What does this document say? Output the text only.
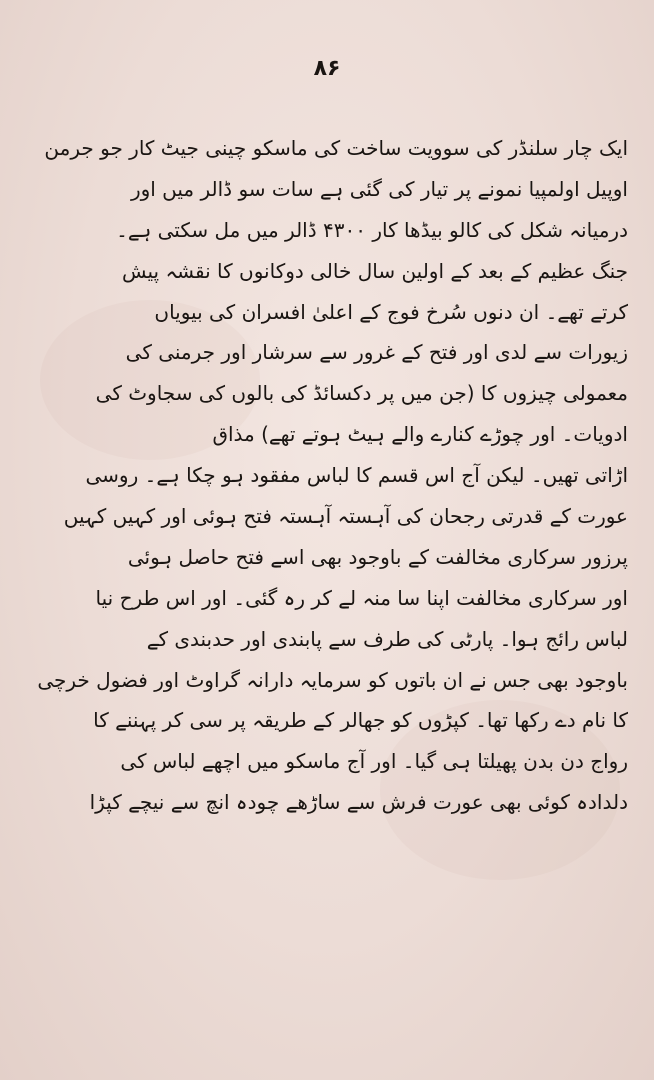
۸۶
ایک چار سلنڈر کی سوویت ساخت کی ماسکو چینی جیٹ کار جو جرمن
اوپیل اولمپیا نمونے پر تیار کی گئی ہے سات سو ڈالر میں اور
درمیانہ شکل کی کالو بیڈھا کار ۴۳۰۰ ڈالر میں مل سکتی ہے۔
جنگ عظیم کے بعد کے اولین سال خالی دوکانوں کا نقشہ پیش
کرتے تھے۔ ان دنوں سُرخ فوج کے اعلیٰ افسران کی بیویاں
زیورات سے لدی اور فتح کے غرور سے سرشار اور جرمنی کی
معمولی چیزوں کا (جن میں پر دکسائڈ کی بالوں کی سجاوٹ کی
ادویات۔ اور چوڑے کنارے والے ہیٹ ہوتے تھے) مذاق
اڑاتی تھیں۔ لیکن آج اس قسم کا لباس مفقود ہو چکا ہے۔ روسی
عورت کے قدرتی رجحان کی آہستہ آہستہ فتح ہوئی اور کہیں کہیں
پرزور سرکاری مخالفت کے باوجود بھی اسے فتح حاصل ہوئی
اور سرکاری مخالفت اپنا سا منہ لے کر رہ گئی۔ اور اس طرح نیا
لباس رائج ہوا۔ پارٹی کی طرف سے پابندی اور حدبندی کے
باوجود بھی جس نے ان باتوں کو سرمایہ دارانہ گراوٹ اور فضول خرچی
کا نام دے رکھا تھا۔ کپڑوں کو جھالر کے طریقہ پر سی کر پہننے کا
رواج دن بدن پھیلتا ہی گیا۔ اور آج ماسکو میں اچھے لباس کی
دلدادہ کوئی بھی عورت فرش سے ساڑھے چودہ انچ سے نیچے کپڑا
